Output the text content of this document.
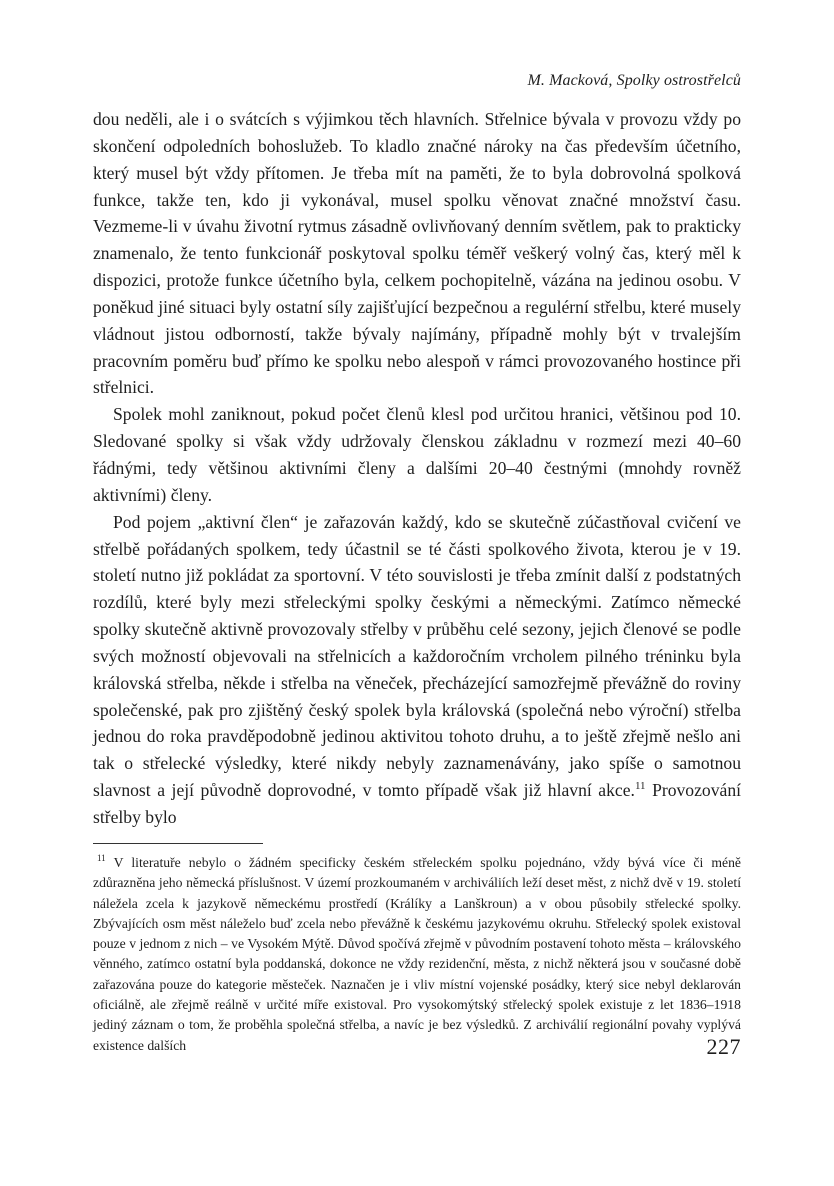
M. Macková, Spolky ostrostřelců

dou neděli, ale i o svátcích s výjimkou těch hlavních. Střelnice bývala v provozu vždy po skončení odpoledních bohoslužeb. To kladlo značné nároky na čas především účetního, který musel být vždy přítomen. Je třeba mít na paměti, že to byla dobrovolná spolková funkce, takže ten, kdo ji vykonával, musel spolku věnovat značné množství času. Vezmeme-li v úvahu životní rytmus zásadně ovlivňovaný denním světlem, pak to prakticky znamenalo, že tento funkcionář poskytoval spolku téměř veškerý volný čas, který měl k dispozici, protože funkce účetního byla, celkem pochopitelně, vázána na jedinou osobu. V poněkud jiné situaci byly ostatní síly zajišťující bezpečnou a regulérní střelbu, které musely vládnout jistou odborností, takže bývaly najímány, případně mohly být v trvalejším pracovním poměru buď přímo ke spolku nebo alespoň v rámci provozovaného hostince při střelnici.

Spolek mohl zaniknout, pokud počet členů klesl pod určitou hranici, většinou pod 10. Sledované spolky si však vždy udržovaly členskou základnu v rozmezí mezi 40–60 řádnými, tedy většinou aktivními členy a dalšími 20–40 čestnými (mnohdy rovněž aktivními) členy.

Pod pojem „aktivní člen“ je zařazován každý, kdo se skutečně zúčastňoval cvičení ve střelbě pořádaných spolkem, tedy účastnil se té části spolkového života, kterou je v 19. století nutno již pokládat za sportovní. V této souvislosti je třeba zmínit další z podstatných rozdílů, které byly mezi střeleckými spolky českými a německými. Zatímco německé spolky skutečně aktivně provozovaly střelby v průběhu celé sezony, jejich členové se podle svých možností objevovali na střelnicích a každoročním vrcholem pilného tréninku byla královská střelba, někde i střelba na věneček, přecházející samozřejmě převážně do roviny společenské, pak pro zjištěný český spolek byla královská (společná nebo výroční) střelba jednou do roka pravděpodobně jedinou aktivitou tohoto druhu, a to ještě zřejmě nešlo ani tak o střelecké výsledky, které nikdy nebyly zaznamenávány, jako spíše o samotnou slavnost a její původně doprovodné, v tomto případě však již hlavní akce.$^{11}$ Provozování střelby bylo

$^{11}$ V literatuře nebylo o žádném specificky českém střeleckém spolku pojednáno, vždy bývá více či méně zdůrazněna jeho německá příslušnost. V území prozkoumaném v archiváliích leží deset měst, z nichž dvě v 19. století náležela zcela k jazykově německému prostředí (Králíky a Lanškroun) a v obou působily střelecké spolky. Zbývajících osm měst náleželo buď zcela nebo převážně k českému jazykovému okruhu. Střelecký spolek existoval pouze v jednom z nich – ve Vysokém Mýtě. Důvod spočívá zřejmě v původním postavení tohoto města – královského věnného, zatímco ostatní byla poddanská, dokonce ne vždy rezidenční, města, z nichž některá jsou v současné době zařazována pouze do kategorie městeček. Naznačen je i vliv místní vojenské posádky, který sice nebyl deklarován oficiálně, ale zřejmě reálně v určité míře existoval. Pro vysokomýtský střelecký spolek existuje z let 1836–1918 jediný záznam o tom, že proběhla společná střelba, a navíc je bez výsledků. Z archiválií regionální povahy vyplývá existence dalších	227
